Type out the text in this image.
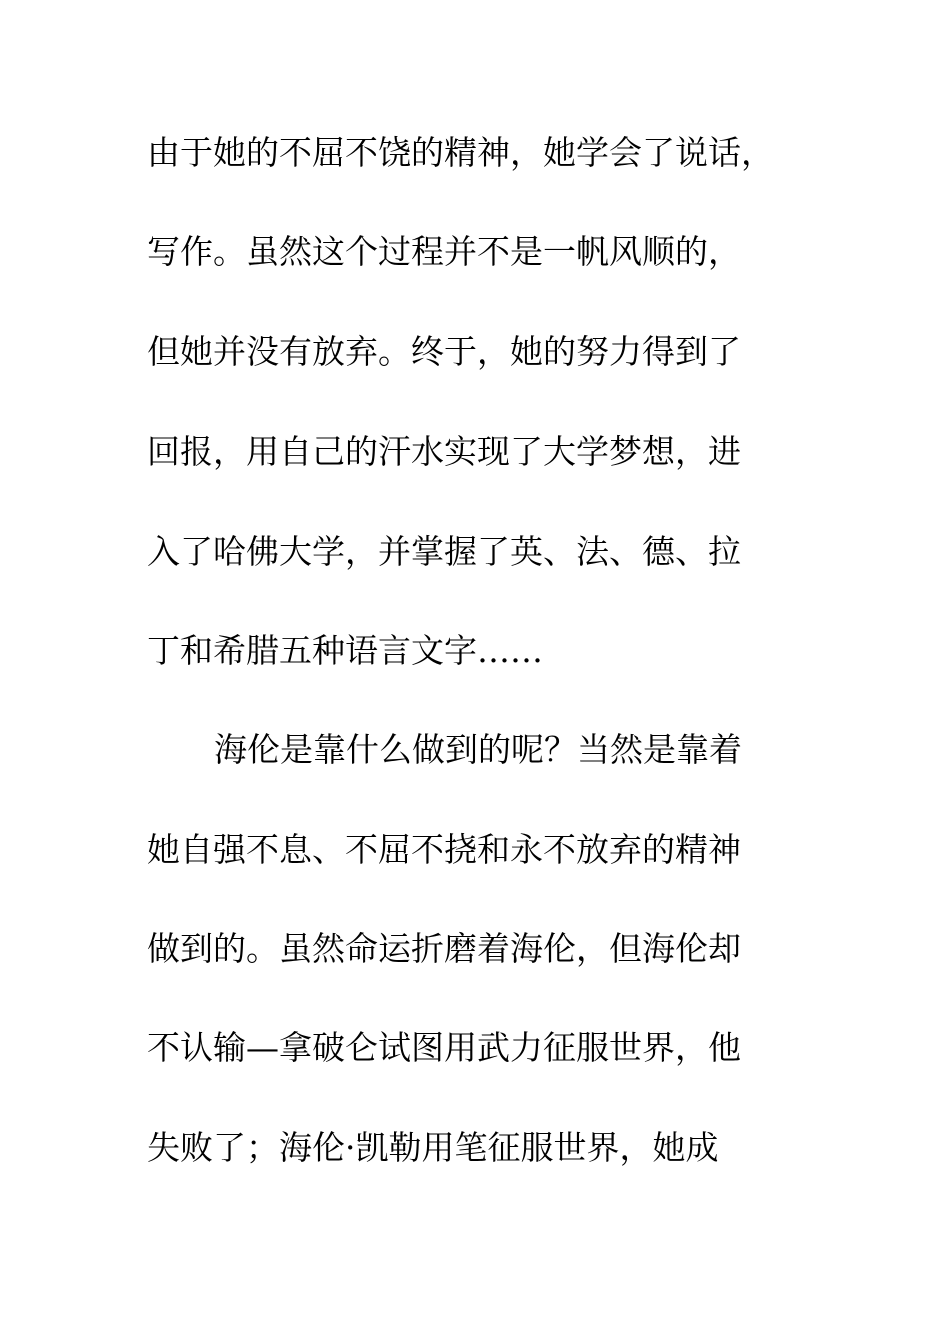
由于她的不屈不饶的精神，她学会了说话，
写作。虽然这个过程并不是一帆风顺的，
但她并没有放弃。终于，她的努力得到了
回报，用自己的汗水实现了大学梦想，进
入了哈佛大学，并掌握了英、法、德、拉
丁和希腊五种语言文字……
海伦是靠什么做到的呢？当然是靠着
她自强不息、不屈不挠和永不放弃的精神
做到的。虽然命运折磨着海伦，但海伦却
不认输—拿破仑试图用武力征服世界，他
失败了；海伦·凯勒用笔征服世界，她成
